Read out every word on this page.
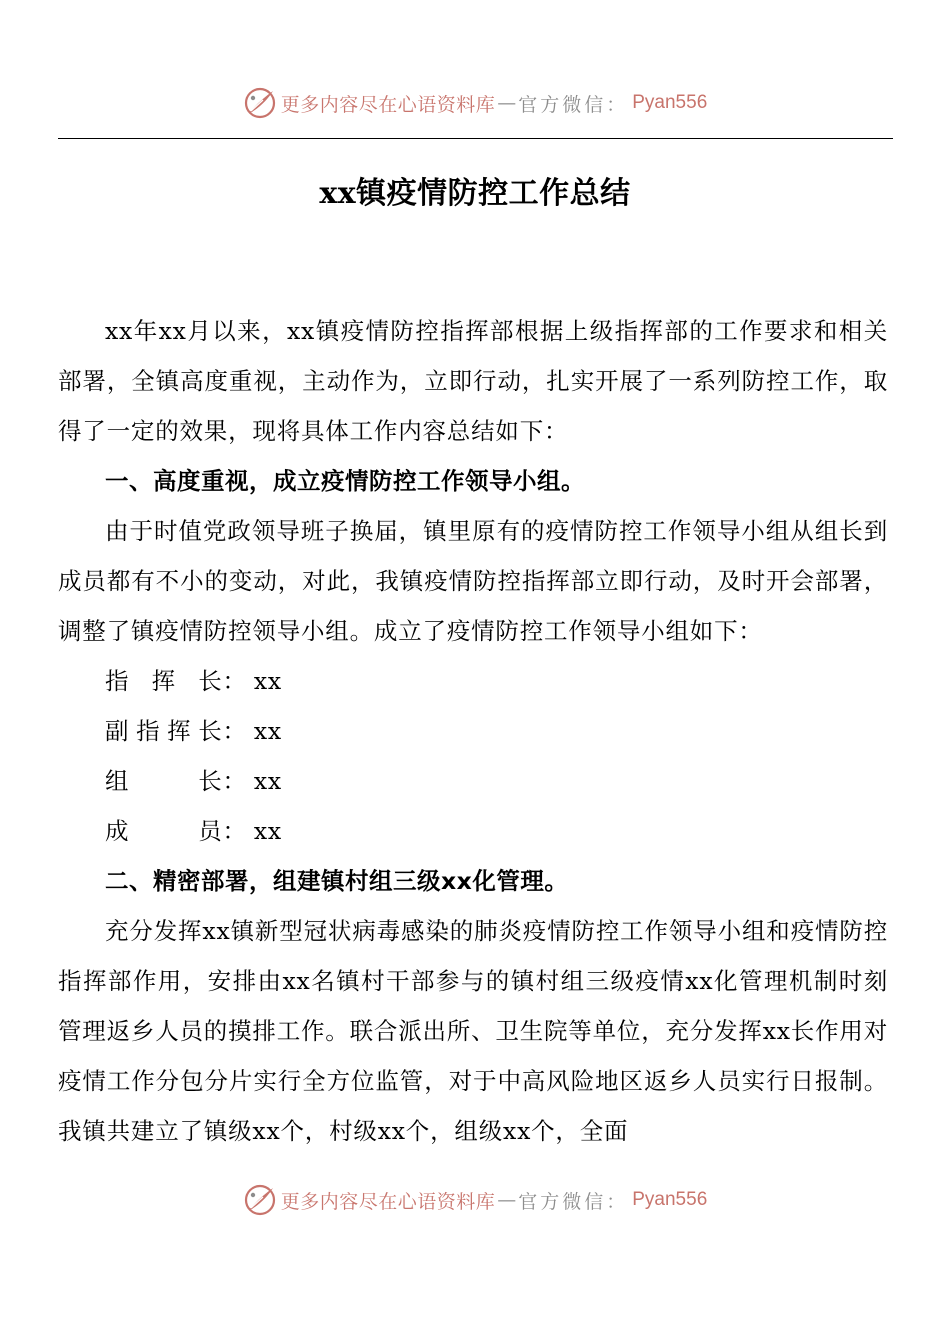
更多内容尽在心语资料库 — 官方微信： Pyan556
xx镇疫情防控工作总结

xx年xx月以来，xx镇疫情防控指挥部根据上级指挥部的工作要求和相关部署，全镇高度重视，主动作为，立即行动，扎实开展了一系列防控工作，取得了一定的效果，现将具体工作内容总结如下：

一、高度重视，成立疫情防控工作领导小组。

由于时值党政领导班子换届，镇里原有的疫情防控工作领导小组从组长到成员都有不小的变动，对此，我镇疫情防控指挥部立即行动，及时开会部署，调整了镇疫情防控领导小组。成立了疫情防控工作领导小组如下：

指挥长 ： xx
副指挥长 ： xx
组长 ： xx
成员 ： xx

二、精密部署，组建镇村组三级xx化管理。

充分发挥xx镇新型冠状病毒感染的肺炎疫情防控工作领导小组和疫情防控指挥部作用，安排由xx名镇村干部参与的镇村组三级疫情xx化管理机制时刻管理返乡人员的摸排工作。联合派出所、卫生院等单位，充分发挥xx长作用对疫情工作分包分片实行全方位监管，对于中高风险地区返乡人员实行日报制。我镇共建立了镇级xx个，村级xx个，组级xx个，全面

更多内容尽在心语资料库 — 官方微信： Pyan556
